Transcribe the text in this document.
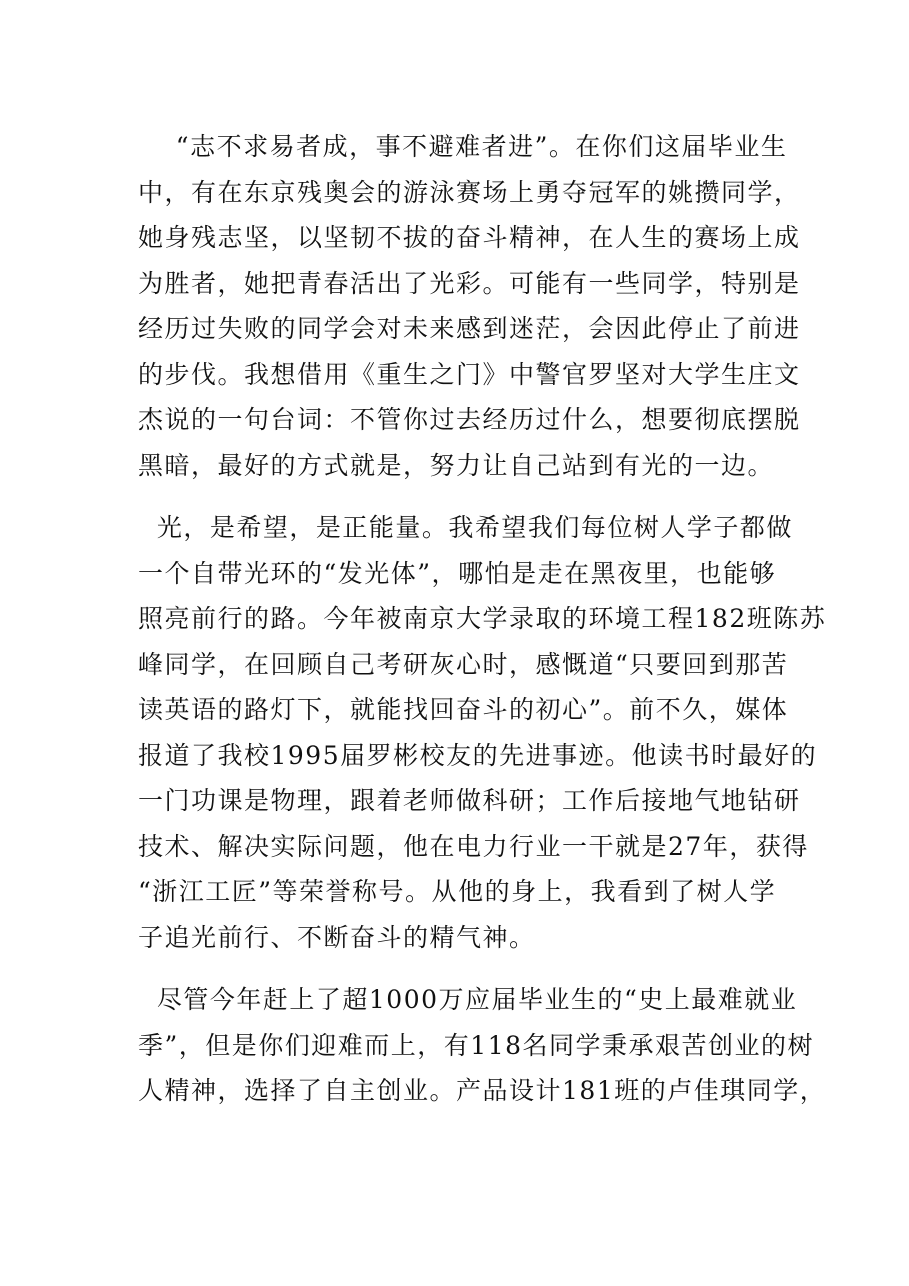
“志不求易者成，事不避难者进”。在你们这届毕业生
中，有在东京残奥会的游泳赛场上勇夺冠军的姚攒同学，
她身残志坚，以坚韧不拔的奋斗精神，在人生的赛场上成
为胜者，她把青春活出了光彩。可能有一些同学，特别是
经历过失败的同学会对未来感到迷茫，会因此停止了前进
的步伐。我想借用《重生之门》中警官罗坚对大学生庄文
杰说的一句台词：不管你过去经历过什么，想要彻底摆脱
黑暗，最好的方式就是，努力让自己站到有光的一边。
光，是希望，是正能量。我希望我们每位树人学子都做
一个自带光环的“发光体”，哪怕是走在黑夜里，也能够
照亮前行的路。今年被南京大学录取的环境工程182班陈苏
峰同学，在回顾自己考研灰心时，感慨道“只要回到那苦
读英语的路灯下，就能找回奋斗的初心”。前不久，媒体
报道了我校1995届罗彬校友的先进事迹。他读书时最好的
一门功课是物理，跟着老师做科研；工作后接地气地钻研
技术、解决实际问题，他在电力行业一干就是27年，获得
“浙江工匠”等荣誉称号。从他的身上，我看到了树人学
子追光前行、不断奋斗的精气神。
尽管今年赶上了超1000万应届毕业生的“史上最难就业
季”，但是你们迎难而上，有118名同学秉承艰苦创业的树
人精神，选择了自主创业。产品设计181班的卢佳琪同学，
